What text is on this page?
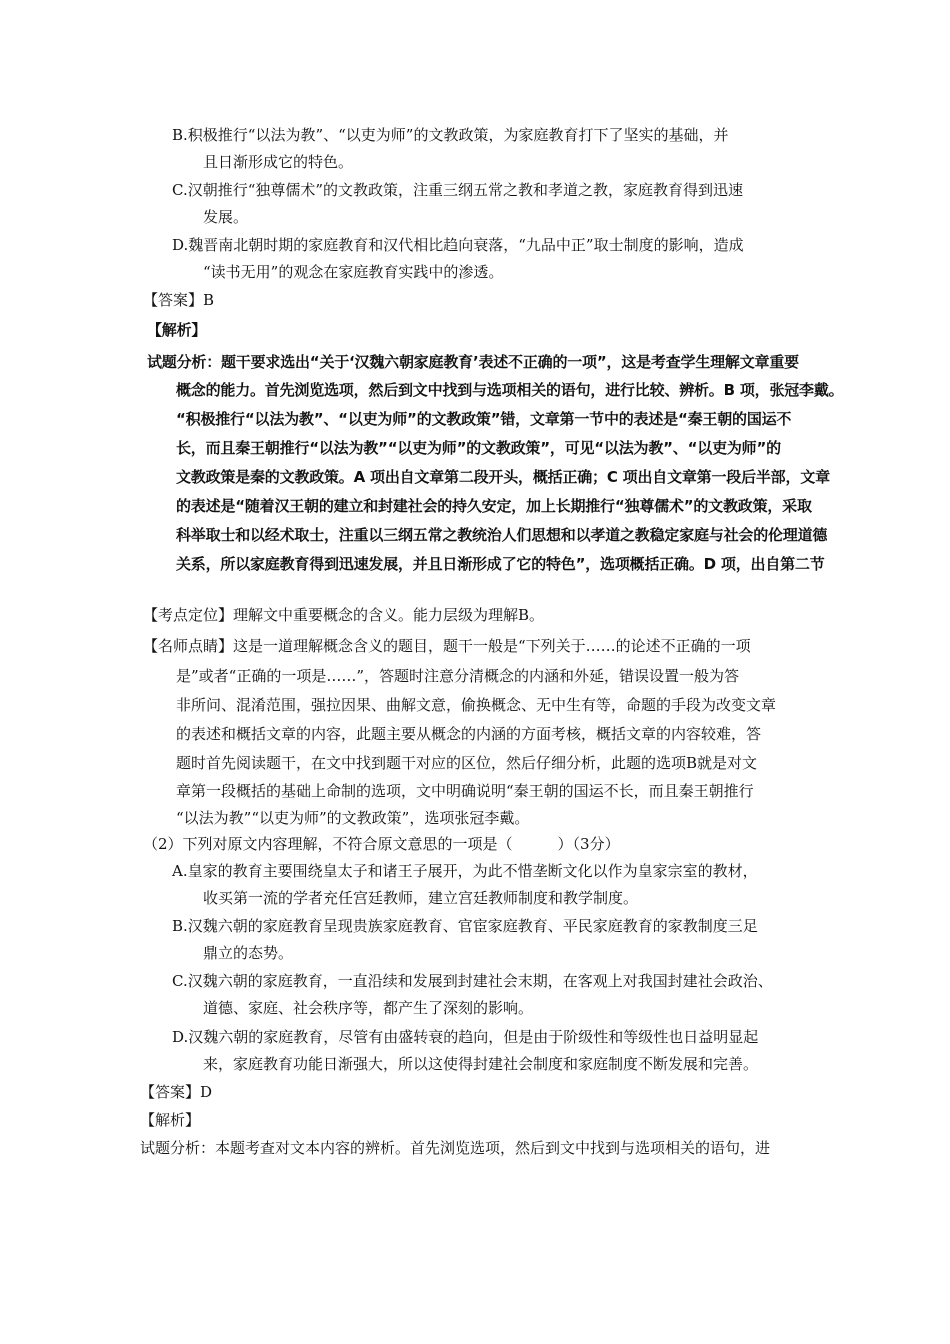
B.积极推行“以法为教”、“以吏为师”的文教政策，为家庭教育打下了坚实的基础，并
且日渐形成它的特色。
C.汉朝推行“独尊儒术”的文教政策，注重三纲五常之教和孝道之教，家庭教育得到迅速
发展。
D.魏晋南北朝时期的家庭教育和汉代相比趋向衰落，“九品中正”取士制度的影响，造成
“读书无用”的观念在家庭教育实践中的渗透。
【答案】B
【解析】
试题分析：题干要求选出“关于‘汉魏六朝家庭教育’表述不正确的一项”，这是考查学生理解文章重要
概念的能力。首先浏览选项，然后到文中找到与选项相关的语句，进行比较、辨析。B 项，张冠李戴。
“积极推行“以法为教”、“以吏为师”的文教政策”错，文章第一节中的表述是“秦王朝的国运不
长，而且秦王朝推行“以法为教”“以吏为师”的文教政策”，可见“以法为教”、“以吏为师”的
文教政策是秦的文教政策。A 项出自文章第二段开头，概括正确；C 项出自文章第一段后半部，文章
的表述是“随着汉王朝的建立和封建社会的持久安定，加上长期推行“独尊儒术”的文教政策，采取
科举取士和以经术取士，注重以三纲五常之教统治人们思想和以孝道之教稳定家庭与社会的伦理道德
关系，所以家庭教育得到迅速发展，并且日渐形成了它的特色”，选项概括正确。D 项，出自第二节
【考点定位】理解文中重要概念的含义。能力层级为理解B。
【名师点睛】这是一道理解概念含义的题目，题干一般是“下列关于……的论述不正确的一项
是”或者“正确的一项是……”，答题时注意分清概念的内涵和外延，错误设置一般为答
非所问、混淆范围，强拉因果、曲解文意，偷换概念、无中生有等，命题的手段为改变文章
的表述和概括文章的内容，此题主要从概念的内涵的方面考核，概括文章的内容较难，答
题时首先阅读题干，在文中找到题干对应的区位，然后仔细分析，此题的选项B就是对文
章第一段概括的基础上命制的选项，文中明确说明“秦王朝的国运不长，而且秦王朝推行
“以法为教”“以吏为师”的文教政策”，选项张冠李戴。
（2）下列对原文内容理解，不符合原文意思的一项是（　　　）（3分）
A.皇家的教育主要围绕皇太子和诸王子展开，为此不惜垄断文化以作为皇家宗室的教材，
收买第一流的学者充任宫廷教师，建立宫廷教师制度和教学制度。
B.汉魏六朝的家庭教育呈现贵族家庭教育、官宦家庭教育、平民家庭教育的家教制度三足
鼎立的态势。
C.汉魏六朝的家庭教育，一直沿续和发展到封建社会末期，在客观上对我国封建社会政治、
道德、家庭、社会秩序等，都产生了深刻的影响。
D.汉魏六朝的家庭教育，尽管有由盛转衰的趋向，但是由于阶级性和等级性也日益明显起
来，家庭教育功能日渐强大，所以这使得封建社会制度和家庭制度不断发展和完善。
【答案】D
【解析】
试题分析：本题考查对文本内容的辨析。首先浏览选项，然后到文中找到与选项相关的语句，进
